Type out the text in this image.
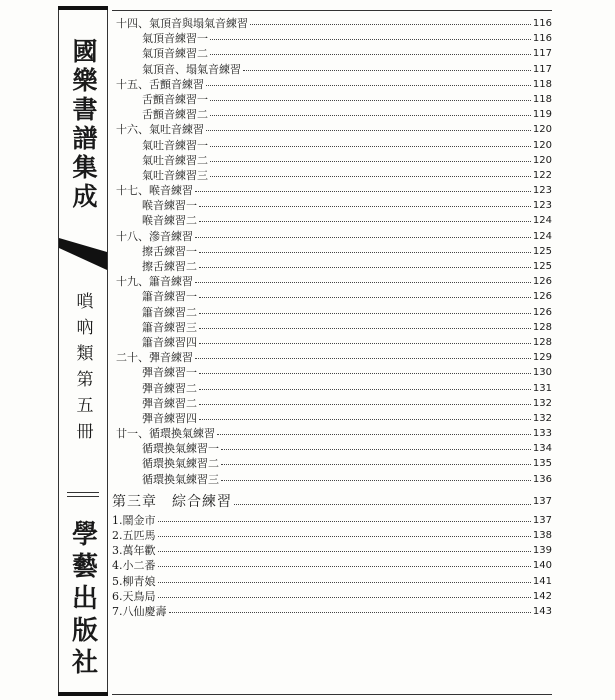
國樂書譜集成
嗩吶類第五冊
學藝出版社
十四、氣頂音與塌氣音練習	116
氣頂音練習一	116
氣頂音練習二	117
氣頂音、塌氣音練習	117
十五、舌顫音練習	118
舌顫音練習一	118
舌顫音練習二	119
十六、氣吐音練習	120
氣吐音練習一	120
氣吐音練習二	120
氣吐音練習三	122
十七、喉音練習	123
喉音練習一	123
喉音練習二	124
十八、滲音練習	124
擦舌練習一	125
擦舌練習二	125
十九、簫音練習	126
簫音練習一	126
簫音練習二	126
簫音練習三	128
簫音練習四	128
二十、彈音練習	129
彈音練習一	130
彈音練習二	131
彈音練習二	132
彈音練習四	132
廿一、循環換氣練習	133
循環換氣練習一	134
循環換氣練習二	135
循環換氣練習三	136
第三章　綜合練習	137
1.鬧金市	137
2.五匹馬	138
3.萬年歡	139
4.小二番	140
5.柳青娘	141
6.天鳥局	142
7.八仙慶壽	143
